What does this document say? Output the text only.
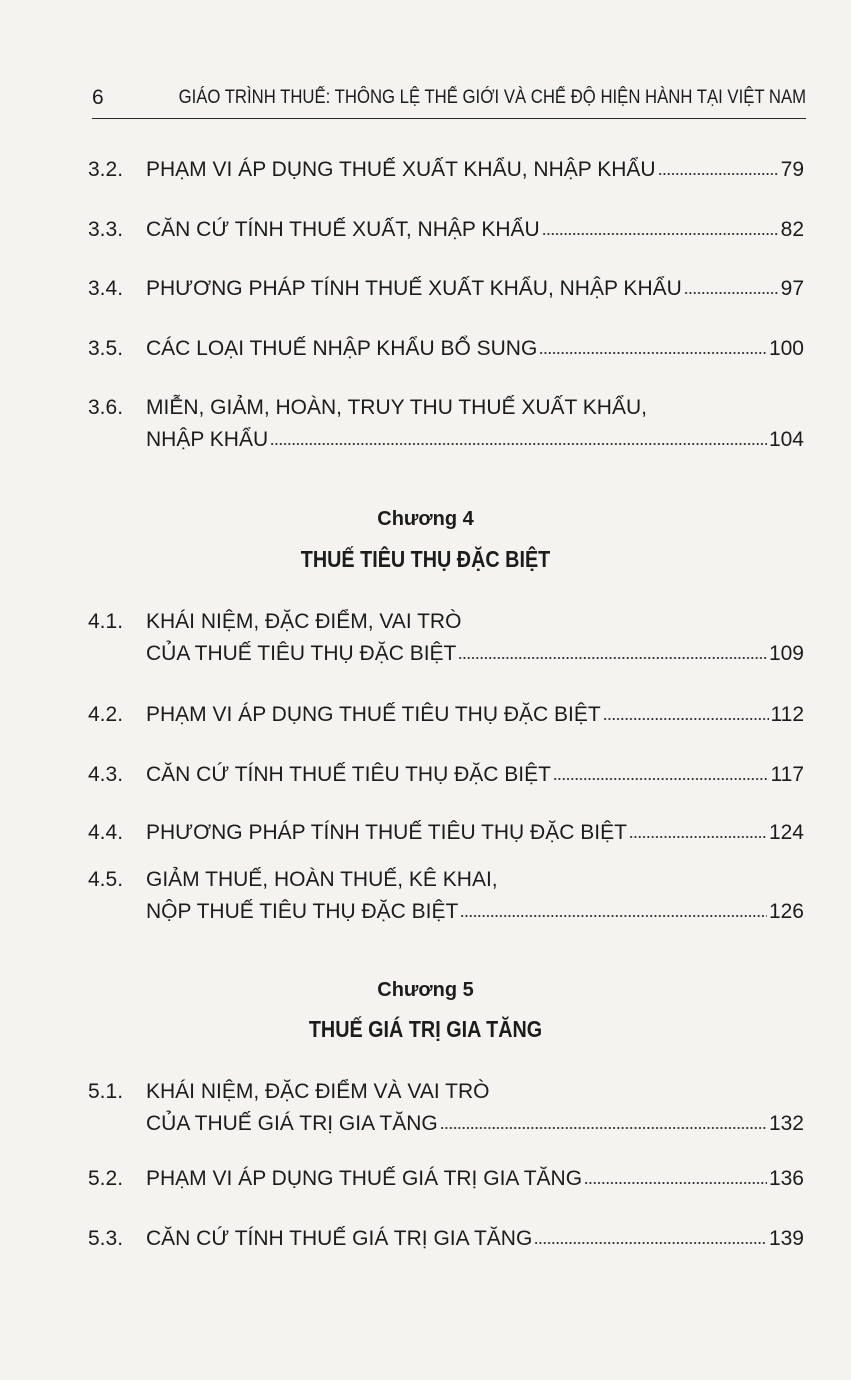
6	GIÁO TRÌNH THUẾ: THÔNG LỆ THẾ GIỚI VÀ CHẾ ĐỘ HIỆN HÀNH TẠI VIỆT NAM
3.2. PHẠM VI ÁP DỤNG THUẾ XUẤT KHẨU, NHẬP KHẨU	79
3.3. CĂN CỨ TÍNH THUẾ XUẤT, NHẬP KHẨU	82
3.4. PHƯƠNG PHÁP TÍNH THUẾ XUẤT KHẨU, NHẬP KHẨU	97
3.5. CÁC LOẠI THUẾ NHẬP KHẨU BỔ SUNG	100
3.6. MIỄN, GIẢM, HOÀN, TRUY THU THUẾ XUẤT KHẨU,
NHẬP KHẨU	104
Chương 4
THUẾ TIÊU THỤ ĐẶC BIỆT
4.1. KHÁI NIỆM, ĐẶC ĐIỂM, VAI TRÒ
CỦA THUẾ TIÊU THỤ ĐẶC BIỆT	109
4.2. PHẠM VI ÁP DỤNG THUẾ TIÊU THỤ ĐẶC BIỆT	112
4.3. CĂN CỨ TÍNH THUẾ TIÊU THỤ ĐẶC BIỆT	117
4.4. PHƯƠNG PHÁP TÍNH THUẾ TIÊU THỤ ĐẶC BIỆT	124
4.5. GIẢM THUẾ, HOÀN THUẾ, KÊ KHAI,
NỘP THUẾ TIÊU THỤ ĐẶC BIỆT	126
Chương 5
THUẾ GIÁ TRỊ GIA TĂNG
5.1. KHÁI NIỆM, ĐẶC ĐIỂM VÀ VAI TRÒ
CỦA THUẾ GIÁ TRỊ GIA TĂNG	132
5.2. PHẠM VI ÁP DỤNG THUẾ GIÁ TRỊ GIA TĂNG	136
5.3. CĂN CỨ TÍNH THUẾ GIÁ TRỊ GIA TĂNG	139
